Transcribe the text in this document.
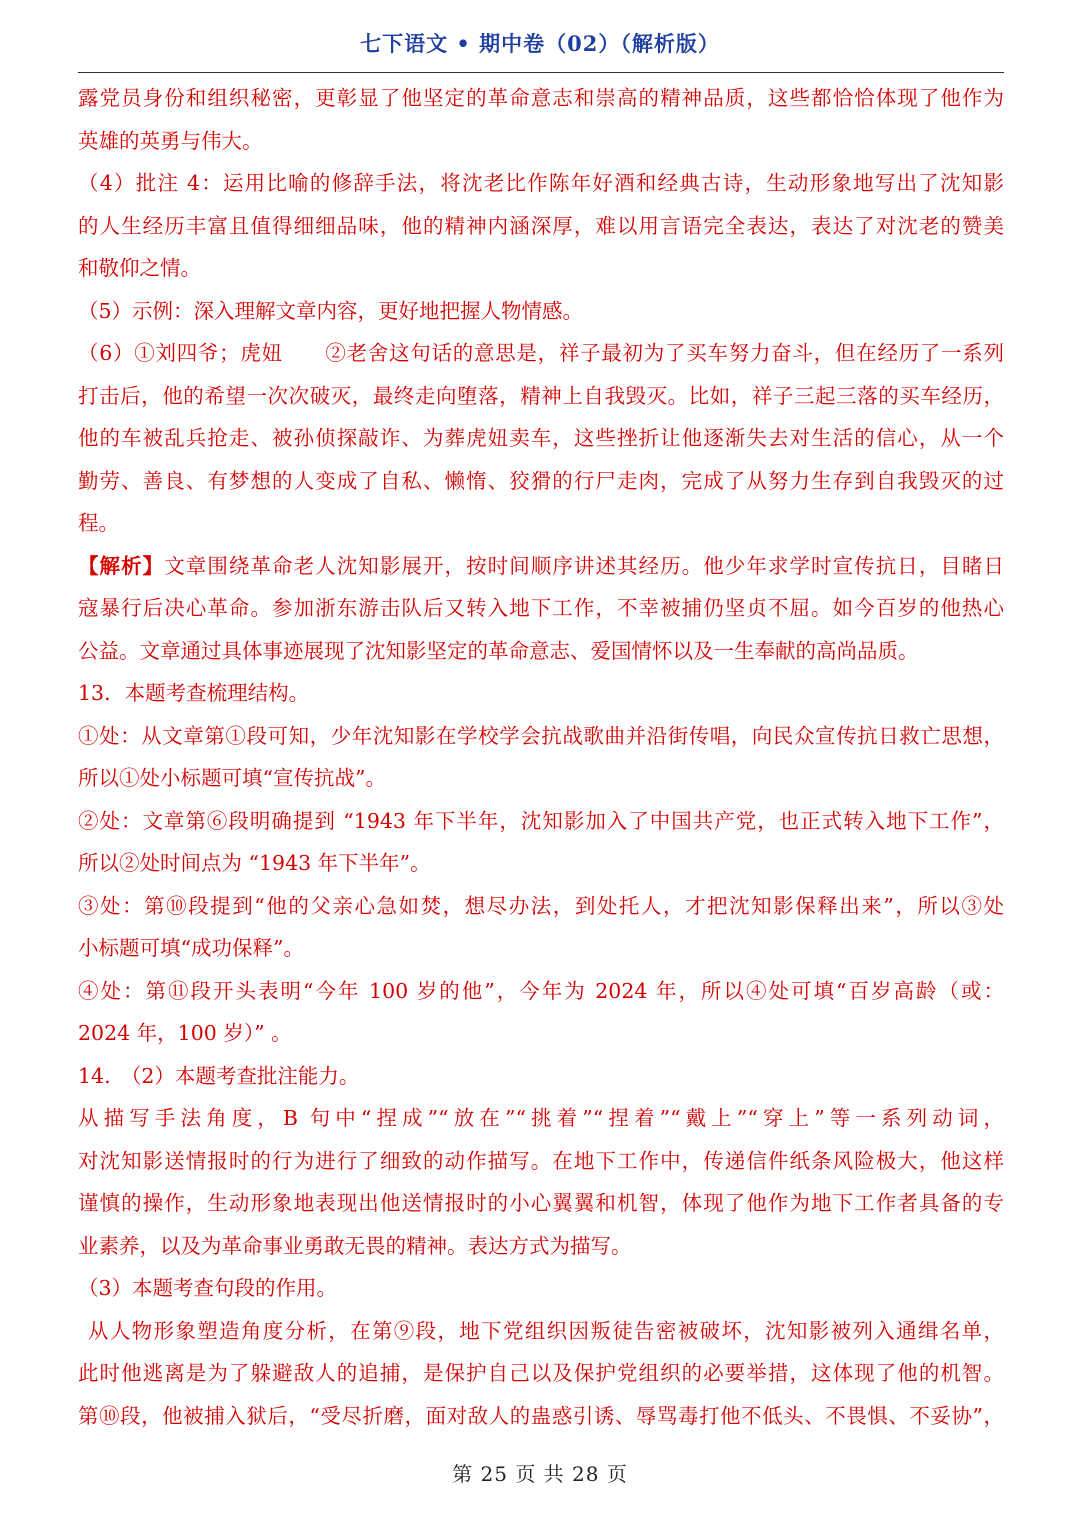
七下语文 • 期中卷（02）（解析版）
露党员身份和组织秘密，更彰显了他坚定的革命意志和崇高的精神品质，这些都恰恰体现了他作为
英雄的英勇与伟大。
（4）批注 4：运用比喻的修辞手法，将沈老比作陈年好酒和经典古诗，生动形象地写出了沈知影
的人生经历丰富且值得细细品味，他的精神内涵深厚，难以用言语完全表达，表达了对沈老的赞美
和敬仰之情。
（5）示例：深入理解文章内容，更好地把握人物情感。
（6）①刘四爷；虎妞　　②老舍这句话的意思是，祥子最初为了买车努力奋斗，但在经历了一系列
打击后，他的希望一次次破灭，最终走向堕落，精神上自我毁灭。比如，祥子三起三落的买车经历，
他的车被乱兵抢走、被孙侦探敲诈、为葬虎妞卖车，这些挫折让他逐渐失去对生活的信心，从一个
勤劳、善良、有梦想的人变成了自私、懒惰、狡猾的行尸走肉，完成了从努力生存到自我毁灭的过
程。
【解析】文章围绕革命老人沈知影展开，按时间顺序讲述其经历。他少年求学时宣传抗日，目睹日
寇暴行后决心革命。参加浙东游击队后又转入地下工作，不幸被捕仍坚贞不屈。如今百岁的他热心
公益。文章通过具体事迹展现了沈知影坚定的革命意志、爱国情怀以及一生奉献的高尚品质。
13．本题考查梳理结构。
①处：从文章第①段可知，少年沈知影在学校学会抗战歌曲并沿街传唱，向民众宣传抗日救亡思想，
所以①处小标题可填“宣传抗战”。
②处：文章第⑥段明确提到 “1943 年下半年，沈知影加入了中国共产党，也正式转入地下工作”，
所以②处时间点为 “1943 年下半年”。
③处：第⑩段提到“他的父亲心急如焚，想尽办法，到处托人，才把沈知影保释出来”，所以③处
小标题可填“成功保释”。
④处：第⑪段开头表明“今年 100 岁的他”，今年为 2024 年，所以④处可填“百岁高龄（或：
2024 年，100 岁）” 。
14.　（2）本题考查批注能力。
从描写手法角度，B 句中“捏成”“放在”“挑着”“捏着”“戴上”“穿上”等一系列动词，
对沈知影送情报时的行为进行了细致的动作描写。在地下工作中，传递信件纸条风险极大，他这样
谨慎的操作，生动形象地表现出他送情报时的小心翼翼和机智，体现了他作为地下工作者具备的专
业素养，以及为革命事业勇敢无畏的精神。表达方式为描写。
（3）本题考查句段的作用。
从人物形象塑造角度分析，在第⑨段，地下党组织因叛徒告密被破坏，沈知影被列入通缉名单，
此时他逃离是为了躲避敌人的追捕，是保护自己以及保护党组织的必要举措，这体现了他的机智。
第⑩段，他被捕入狱后，“受尽折磨，面对敌人的蛊惑引诱、辱骂毒打他不低头、不畏惧、不妥协”，
第 25 页 共 28 页
